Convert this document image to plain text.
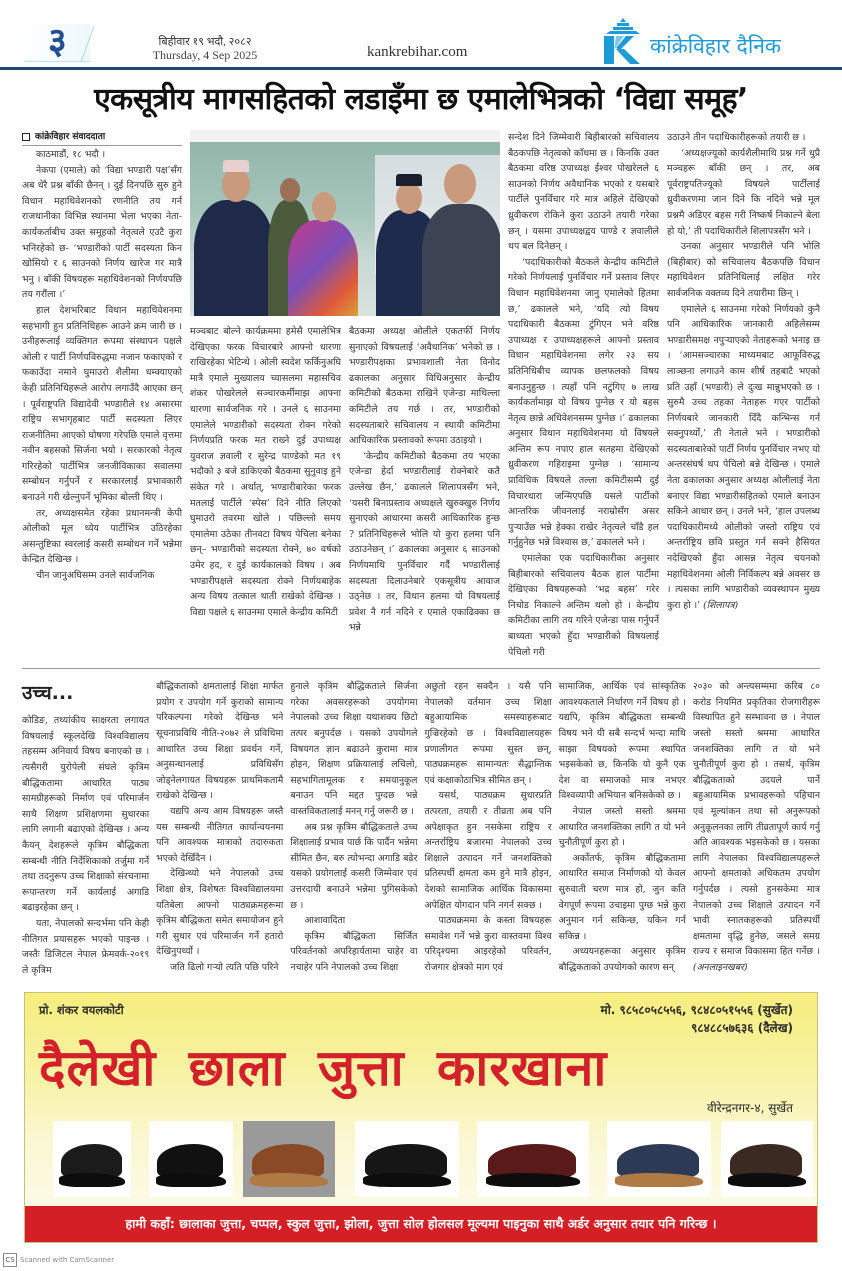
३	बिहीवार १९ भदौ, २०८२
Thursday, 4 Sep 2025	kankrebihar.com	कांक्रेविहार दैनिक
एकसूत्रीय मागसहितको लडाइँमा छ एमालेभित्रको ‘विद्या समूह’
कांक्रेविहार संवाददाता
काठमाडौं, १८ भदौ ।

नेकपा (एमाले) को ‘विद्या भण्डारी पक्ष’सँग अब धेरै प्रश्न बाँकी छैनन् । दुई दिनपछि सुरु हुने विधान महाधिवेशनको रणनीति तय गर्न राजधानीका विभिन्न स्थानमा भेला भएका नेता-कार्यकर्ताबीच उक्त समूहको नेतृत्वले एउटै कुरा भनिरहेको छ- ‘भण्डारीको पार्टी सदस्यता किन खोसियो र ६ साउनको निर्णय खारेज गर मात्रै भनु । बाँकी विषयहरू महाधिवेशनको निर्णयपछि तय गरौंला ।’

हाल देशभरिबाट विधान महाधिवेशनमा सहभागी हुन प्रतिनिधिहरू आउने क्रम जारी छ । उनीहरूलाई व्यक्तिगत रूपमा संस्थापन पक्षले ओली र पार्टी निर्णयविरुद्धमा नजान फकाएको र फकाउँदा नमाने घुमाउरो शैलीमा धम्क्याएको केही प्रतिनिधिहरूले आरोप लगाउँदै आएका छन् । पूर्वराष्ट्रपति विद्यादेवी भण्डारीले १४ असारमा राष्ट्रिय सभागृहबाट पार्टी सदस्यता लिएर राजनीतिमा आएको घोषणा गरेपछि एमाले वृत्तमा नवीन बहसको सिर्जना भयो । सरकारको नेतृत्व गरिरहेको पार्टीभित्र जनजीविकाका सवालमा सम्बोधन गर्नुपर्ने र सरकारलाई प्रभावकारी बनाउने गरी खेल्नुपर्ने भूमिका बोल्ती थिए ।

तर, अध्यक्षसमेत रहेका प्रधानमन्त्री केपी ओलीको मूल ध्येय पार्टीभित्र उठिरहेका असन्तुष्टिका स्वरलाई कसरी सम्बोधन गर्ने भन्नेमा केन्द्रित देखिन्छ ।

चीन जानुअघिसम्म उनले सार्वजनिक

मञ्चबाट बोल्ने कार्यक्रममा हमेसै एमालेभित्र देखिएका फरक विचारबारे आफ्नो धारणा राखिरहेका भेटिन्थे । ओली स्वदेश फर्किनुअघि मात्रै एमाले मुख्यालय च्यासलमा महासचिव शंकर पोखरेलले सञ्चारकर्मीमाझ आफ्ना धारणा सार्वजनिक गरे । उनले ६ साउनमा एमालेले भण्डारीको सदस्यता रोक्न गरेको निर्णयप्रति फरक मत राख्ने दुई उपाध्यक्ष युवराज ज्ञवाली र सुरेन्द्र पाण्डेको मत १९ भदौको ३ बजे डाकिएको बैठकमा सुनुवाइ हुने संकेत गरे । अर्थात्, भण्डारीबारेका फरक मतलाई पार्टीले ‘स्पेस’ दिने नीति लिएको घुमाउरो तवरमा खोले । पछिल्लो समय एमालेमा उठेका तीनवटा विषय पेचिला बनेका छन्– भण्डारीको सदस्यता रोक्ने, ७० वर्षको उमेर हद, र दुई कार्यकालको विषय । अब भण्डारीपक्षले सदस्यता रोक्ने निर्णयबाहेक अन्य विषय तत्काल थाती राखेको देखिन्छ । विद्या पक्षले ६ साउनमा एमाले केन्द्रीय कमिटी

बैठकमा अध्यक्ष ओलीले एकतर्फी निर्णय सुनाएको विषयलाई ‘अवैधानिक’ भनेको छ । भण्डारीपक्षका प्रभावशाली नेता विनोद ढकालका अनुसार विधिअनुसार केन्द्रीय कमिटीको बैठकमा राखिने एजेन्डा माथिल्ला कमिटीले तय गर्छ । तर, भण्डारीको सदस्यताबारे सचिवालय न स्थायी कमिटीमा आधिकारिक प्रस्तावको रूपमा उठाइयो ।

‘केन्द्रीय कमिटीको बैठकमा तय भएका एजेन्डा हेर्दा भण्डारीलाई रोक्नेबारे कतै उल्लेख छैन,’ ढकालले शिलापत्रसँग भने, ‘यसरी बिनाप्रस्ताव अध्यक्षले खुरुक्खुरु निर्णय सुनाएको आधारमा कसरी आधिकारिक हुन्छ ? प्रतिनिधिहरूले भोलि यो कुरा हलमा पनि उठाउनेछन् ।’ ढकालका अनुसार ६ साउनको निर्णयमाथि पुनर्विचार गर्दै भण्डारीलाई सदस्यता दिलाउनेबारे एकसूत्रीय आवाज उठ्नेछ । तर, विधान हलमा यो विषयलाई प्रवेश नै गर्न नदिने र एमाले एकाढिक्का छ भन्ने

सन्देश दिने जिम्मेवारी बिहीबारको सचिवालय बैठकपछि नेतृत्वको काँधमा छ । किनकि उक्त बैठकमा वरिष्ठ उपाध्यक्ष ईश्वर पोखरेलले ६ साउनको निर्णय अवैधानिक भएको र यसबारे पार्टीले पुनर्विचार गरे मात्र अहिले देखिएको ध्रुवीकरण रोकिने कुरा उठाउने तयारी गरेका छन् । यसमा उपाध्यक्षद्वय पाण्डे र ज्ञवालीले थप बल दिनेछन् ।

‘पदाधिकारीको बैठकले केन्द्रीय कमिटीले गरेको निर्णयलाई पुनर्विचार गर्ने प्रस्ताव लिएर विधान महाधिवेशनमा जानु एमालेको हितमा छ,’ ढकालले भने, ‘यदि त्यो विषय पदाधिकारी बैठकमा टुंगिएन भने वरिष्ठ उपाध्यक्ष र उपाध्यक्षहरूले आफ्नो प्रस्ताव विधान महाधिवेशनमा लगेर २३ सय प्रतिनिधिबीच व्यापक छलफलको विषय बनाउनुहुन्छ । त्यहाँ पनि नटुंगिए ७ लाख कार्यकर्तामाझ यो विषय पुग्नेछ र यो बहस नेतृत्व छान्ने अधिवेशनसम्म पुग्नेछ ।’ ढकालका अनुसार विधान महाधिवेशनमा यो विषयले अन्तिम रूप नपाए हाल सतहमा देखिएको ध्रुवीकरण गहिराइमा पुग्नेछ । ‘सामान्य प्राविधिक विषयले तल्ला कमिटीसम्मै दुई विचारधारा जन्मिएपछि यसले पार्टीको आन्तरिक जीवनलाई नराम्रोसँग असर पुर्‍याउँछ भन्ने हेक्का राखेर नेतृत्वले चाँडै हल गर्नुहुनेछ भन्ने विश्वास छ,’ ढकालले भने ।

एमालेका एक पदाधिकारीका अनुसार बिहीबारको सचिवालय बैठक हाल पार्टीमा देखिएका विषयहरूको ‘भद्र बहस’ गरेर निचोड निकाल्ने अन्तिम थलो हो । केन्द्रीय कमिटीका लागि तय गरिने एजेन्डा पास गर्नुपर्ने बाध्यता भएको हुँदा भण्डारीको विषयलाई पेचिलो गरी

उठाउने तीन पदाधिकारीहरूको तयारी छ ।

‘अध्यक्षज्यूको कार्यशैलीमाथि प्रश्न गर्ने धुप्रै मञ्चहरू बाँकी छन् । तर, अब पूर्वराष्ट्रपतिज्यूको विषयले पार्टीलाई ध्रुवीकरणमा जान दिने कि नदिने भन्ने मूल प्रश्नमै अडिएर बहस गरी निष्कर्ष निकाल्ने बेला हो यो,’ ती पदाधिकारीले शिलापत्रसँग भने ।

उनका अनुसार भण्डारीले पनि भोलि (बिहीबार) को सचिवालय बैठकपछि विधान महाधिवेशन प्रतिनिधिलाई लक्षित गरेर सार्वजनिक वक्तव्य दिने तयारीमा छिन् ।

एमालेले ६ साउनमा गरेको निर्णयको कुनै पनि आधिकारिक जानकारी अहिलेसम्म भण्डारीसमक्ष नपुर्‍याएको नेताहरूको भनाइ छ । ‘आमसञ्चारका माध्यमबाट आफूविरुद्ध लाञ्छना लगाउने काम शीर्ष तहबाटै भएको प्रति उहाँ (भण्डारी) ले दुःख मान्नुभएको छ । सुरुमै उच्च तहका नेताहरू गएर पार्टीको निर्णयबारे जानकारी दिँदै कन्भिन्स गर्न सक्नुपर्थ्यो,’ ती नेताले भने । भण्डारीको सदस्यताबारेको पार्टी निर्णय पुनर्विचार नभए यो अन्तरसंघर्ष थप पेचिलो बन्ने देखिन्छ । एमाले नेता ढकालका अनुसार अध्यक्ष ओलीलाई नेता बनाएर विद्या भण्डारीसहितको एमाले बनाउन सकिने आधार छन् । उनले भने, ‘हाल उपलब्ध पदाधिकारीमध्ये ओलीको जस्तो राष्ट्रिय एवं अन्तर्राष्ट्रिय छवि प्रस्तुत गर्न सक्ने हैसियत नदेखिएको हुँदा आसन्न नेतृत्व चयनको महाधिवेशनमा ओली निर्विकल्प बन्ने अवसर छ । त्यसका लागि भण्डारीको व्यवस्थापन मुख्य कुरा हो ।’ (शिलापत्र)

उच्च...

कोडिङ, तथ्यांकीय साक्षरता लगायत विषयलाई स्कूलदेखि विश्वविद्यालय तहसम्म अनिवार्य विषय बनाएको छ । त्यसैगरी युरोपेली संघले कृत्रिम बौद्धिकतामा आधारित पाठ्य सामग्रीहरूको निर्माण एवं परिमार्जन साथै शिक्षण प्रशिक्षणमा सुधारका लागि लगानी बढाएको देखिन्छ । अन्य कैयन् देशहरूले कृत्रिम बौद्धिकता सम्बन्धी नीति निर्देशिकाको तर्जुमा गर्ने तथा तदनुरूप उच्च शिक्षाको संरचनामा रूपान्तरण गर्ने कार्यलाई अगाडि बढाइरहेका छन् ।

यता, नेपालको सन्दर्भमा पनि केही नीतिगत प्रयासहरू भएको पाइन्छ । जस्तैः डिजिटल नेपाल फ्रेमवर्क-२०१९ ले कृत्रिम

बौद्धिकताको क्षमतालाई शिक्षा मार्फत प्रयोग र उपयोग गर्ने कुराको सामान्य परिकल्पना गरेको देखिन्छ भने सूचनाप्रविधि नीति-२०७२ ले प्रविधिमा आधारित उच्च शिक्षा प्रवर्धन गर्ने, अनुसन्धानलाई प्रविधिसँग जोड्नेलगायत विषयहरू प्राथमिकतामै राखेको देखिन्छ ।

यद्यपि अन्य आम विषयहरू जस्तै यस सम्बन्धी नीतिगत कार्यान्वयनमा पनि आवश्यक मात्राको तदारुकता भएको देखिँदैन ।

देखिन्थ्यो भने नेपालको उच्च शिक्षा क्षेत्र, विशेषतः विश्वविद्यालयमा यतिबेला आफ्नो पाठ्यक्रमहरूमा कृत्रिम बौद्धिकता समेत समायोजन हुने गरी सुधार एवं परिमार्जन गर्ने हतारो देखिनुपर्थ्यो ।

जति ढिलो गर्‍यो त्यति पछि परिने

हुनाले कृत्रिम बौद्धिकताले सिर्जना गरेका अवसरहरूको उपयोगमा नेपालको उच्च शिक्षा यथाशक्य छिटो तत्पर बनुपर्दछ । यसको उपयोगले विषयगत ज्ञान बढाउने कुरामा मात्र होइन, शिक्षण प्रक्रियालाई लचिलो, सहभागितामूलक र समयानुकूल बनाउन पनि मद्दत पुग्दछ भन्ने वास्तविकतालाई मनन् गर्नु जरूरी छ ।

अब प्रश्न कृत्रिम बौद्धिकताले उच्च शिक्षालाई प्रभाव पार्छ कि पार्दैन भन्नेमा सीमित छैन, बरु त्योभन्दा अगाडि बढेर यसको प्रयोगलाई कसरी जिम्मेवार एवं उत्तरदायी बनाउने भन्नेमा पुगिसकेको छ ।

आशावादिता

कृत्रिम बौद्धिकता सिर्जित परिवर्तनको अपरिहार्यतामा चाहेर वा नचाहेर पनि नेपालको उच्च शिक्षा

अछुतो रहन सक्दैन । यसै पनि नेपालको वर्तमान उच्च शिक्षा बहुआयामिक समस्याहरूबाट गुज्रिरहेको छ । विश्वविद्यालयहरू प्रणालीगत रूपमा सुस्त छन्, पाठ्यक्रमहरू सामान्यतः सैद्धान्तिक एवं कक्षाकोठाभित्र सीमित छन् ।

यसर्थ, पाठ्यक्रम सुधारप्रति तत्परता, तयारी र तीव्रता अब पनि अपेक्षाकृत हुन नसकेमा राष्ट्रिय र अन्तर्राष्ट्रिय बजारमा नेपालको उच्च शिक्षाले उत्पादन गर्ने जनशक्तिको प्रतिस्पर्धी क्षमता कम हुने मात्रै होइन, देशको सामाजिक आर्थिक विकासमा अपेक्षित योगदान पनि नगर्न सक्छ ।

पाठ्यक्रममा के कस्ता विषयहरू समावेश गर्ने भन्ने कुरा वास्तवमा विश्व परिदृश्यमा आइरहेको परिवर्तन, रोजगार क्षेत्रको माग एवं

सामाजिक, आर्थिक एवं सांस्कृतिक आवश्यकताले निर्धारण गर्ने विषय हो । यद्यपि, कृत्रिम बौद्धिकता सम्बन्धी विषय भने यी सबै सन्दर्भ भन्दा माथि साझा विषयको रूपमा स्थापित भइसकेको छ, किनकि यो कुनै एक देश वा समाजको मात्र नभएर विश्वव्यापी अभियान बनिसकेको छ ।

नेपाल जस्तो सस्तो श्रममा आधारित जनशक्तिका लागि त यो भने चुनौतीपूर्ण कुरा हो ।

अर्कोतर्फ, कृत्रिम बौद्धिकतामा आधारित समाज निर्माणको यो केवल सुरुवाती चरण मात्र हो, जुन कति वेगपूर्ण रूपमा उचाइमा पुग्छ भन्ने कुरा अनुमान गर्न सकिन्छ, यकिन गर्न सकिन्न ।

अध्ययनहरूका अनुसार कृत्रिम बौद्धिकताको उपयोगको कारण सन्

२०३० को अन्त्यसम्ममा करिब ८० करोड नियमित प्रकृतिका रोजगारीहरू विस्थापित हुने सम्भावना छ । नेपाल जस्तो सस्तो श्रममा आधारित जनशक्तिका लागि त यो भने चुनौतीपूर्ण कुरा हो । तसर्थ, कृत्रिम बौद्धिकताको उदयले पार्ने बहुआयामिक प्रभावहरूको पहिचान एवं मूल्यांकन तथा सो अनुरूपको अनुकूलनका लागि तीव्रतापूर्ण कार्य गर्नु अति आवश्यक भइसकेको छ । यसका लागि नेपालका विश्वविद्यालयहरूले आफ्नो क्षमताको अधिकतम उपयोग गर्नुपर्दछ । त्यसो हुनसकेमा मात्र नेपालको उच्च शिक्षाले उत्पादन गर्ने भावी स्नातकहरूको प्रतिस्पर्धी क्षमतामा वृद्धि हुनेछ, जसले समग्र राज्य र समाज विकासमा हित गर्नेछ । (अनलाइनखबर)

प्रो. शंकर वयलकोटी	मो. ९८५८०५८५५६, ९८४८०५१५५६ (सुर्खेत)
९८४८८५७६३६ (दैलेख)
दैलेखी छाला जुत्ता कारखाना
वीरेन्द्रनगर-४, सुर्खेत
हामी कहाँ: छालाका जुत्ता, चप्पल, स्कुल जुत्ता, झोला, जुत्ता सोल होलसल मूल्यमा पाइनुका साथै अर्डर अनुसार तयार पनि गरिन्छ ।
CS Scanned with CamScanner
